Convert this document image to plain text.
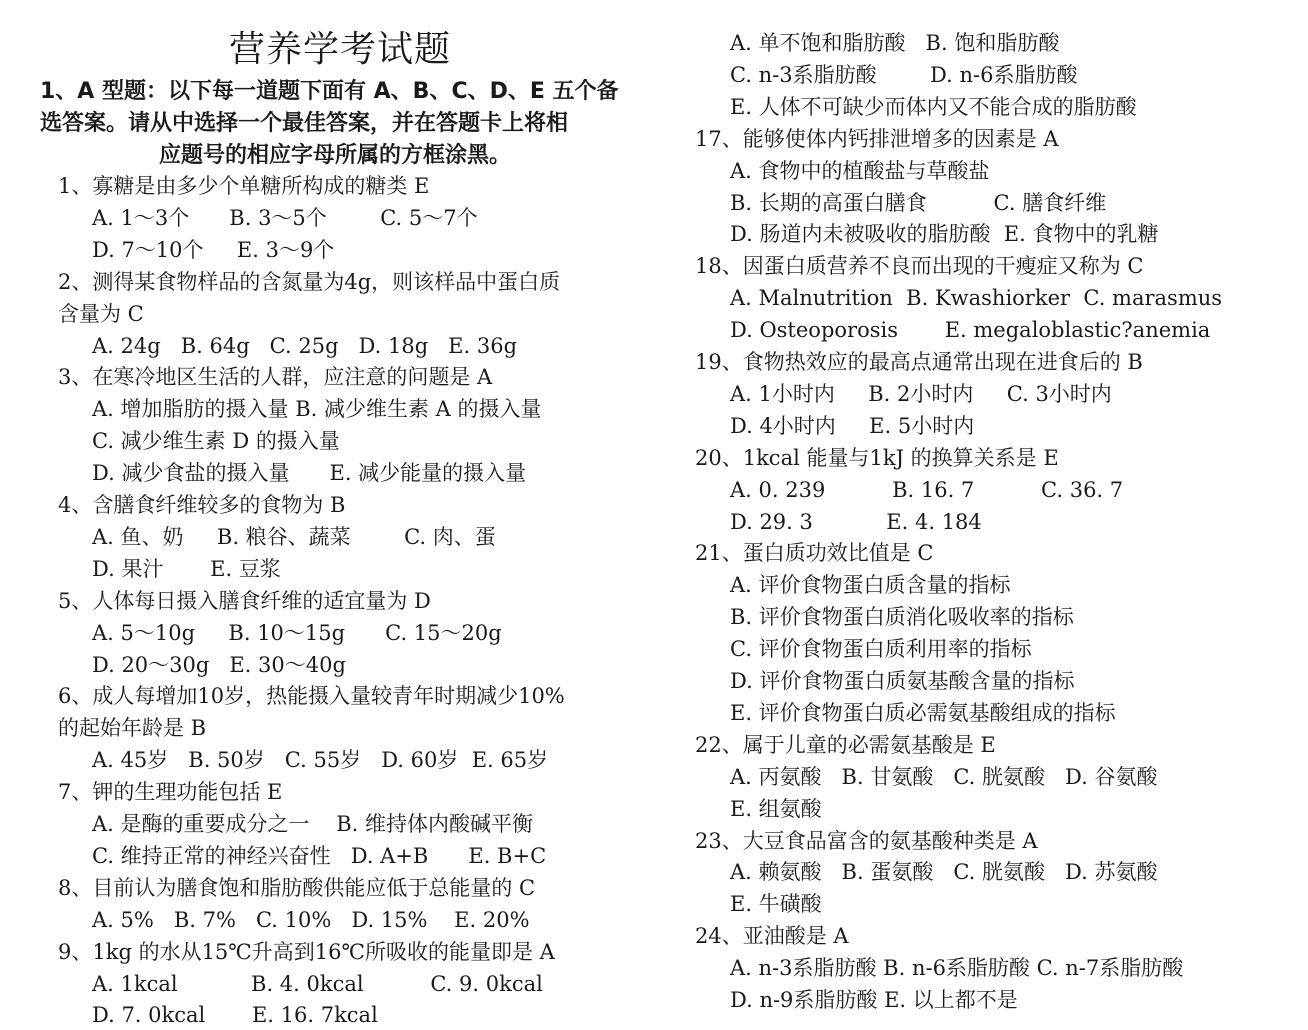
营养学考试题
1、A 型题：以下每一道题下面有 A、B、C、D、E 五个备
选答案。请从中选择一个最佳答案，并在答题卡上将相
应题号的相应字母所属的方框涂黑。
1、寡糖是由多少个单糖所构成的糖类 E
A. 1～3个      B. 3～5个        C. 5～7个
D. 7～10个     E. 3～9个
2、测得某食物样品的含氮量为4g，则该样品中蛋白质
含量为 C
A. 24g   B. 64g   C. 25g   D. 18g   E. 36g
3、在寒冷地区生活的人群，应注意的问题是 A
A. 增加脂肪的摄入量 B. 减少维生素 A 的摄入量
C. 减少维生素 D 的摄入量
D. 减少食盐的摄入量      E. 减少能量的摄入量
4、含膳食纤维较多的食物为 B
A. 鱼、奶     B. 粮谷、蔬菜        C. 肉、蛋
D. 果汁       E. 豆浆
5、人体每日摄入膳食纤维的适宜量为 D
A. 5～10g     B. 10～15g      C. 15～20g
D. 20～30g   E. 30～40g
6、成人每增加10岁，热能摄入量较青年时期减少10%
的起始年龄是 B
A. 45岁   B. 50岁   C. 55岁   D. 60岁  E. 65岁
7、钾的生理功能包括 E
A. 是酶的重要成分之一    B. 维持体内酸碱平衡
C. 维持正常的神经兴奋性   D. A+B      E. B+C
8、目前认为膳食饱和脂肪酸供能应低于总能量的 C
A. 5%   B. 7%   C. 10%   D. 15%    E. 20%
9、1kg 的水从15℃升高到16℃所吸收的能量即是 A
A. 1kcal           B. 4. 0kcal          C. 9. 0kcal
D. 7. 0kcal       E. 16. 7kcal
A. 单不饱和脂肪酸   B. 饱和脂肪酸
C. n-3系脂肪酸        D. n-6系脂肪酸
E. 人体不可缺少而体内又不能合成的脂肪酸
17、能够使体内钙排泄增多的因素是 A
A. 食物中的植酸盐与草酸盐
B. 长期的高蛋白膳食          C. 膳食纤维
D. 肠道内未被吸收的脂肪酸  E. 食物中的乳糖
18、因蛋白质营养不良而出现的干瘦症又称为 C
A. Malnutrition  B. Kwashiorker  C. marasmus
D. Osteoporosis       E. megaloblastic?anemia
19、食物热效应的最高点通常出现在进食后的 B
A. 1小时内     B. 2小时内     C. 3小时内
D. 4小时内     E. 5小时内
20、1kcal 能量与1kJ 的换算关系是 E
A. 0. 239          B. 16. 7          C. 36. 7
D. 29. 3           E. 4. 184
21、蛋白质功效比值是 C
A. 评价食物蛋白质含量的指标
B. 评价食物蛋白质消化吸收率的指标
C. 评价食物蛋白质利用率的指标
D. 评价食物蛋白质氨基酸含量的指标
E. 评价食物蛋白质必需氨基酸组成的指标
22、属于儿童的必需氨基酸是 E
A. 丙氨酸   B. 甘氨酸   C. 胱氨酸   D. 谷氨酸
E. 组氨酸
23、大豆食品富含的氨基酸种类是 A
A. 赖氨酸   B. 蛋氨酸   C. 胱氨酸   D. 苏氨酸
E. 牛磺酸
24、亚油酸是 A
A. n-3系脂肪酸 B. n-6系脂肪酸 C. n-7系脂肪酸
D. n-9系脂肪酸 E. 以上都不是
